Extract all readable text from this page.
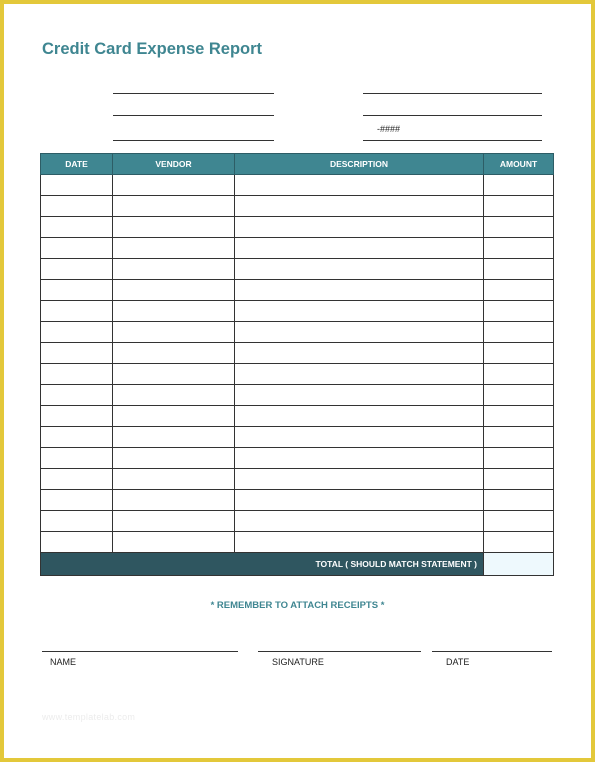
Credit Card Expense Report
-####
DATE	VENDOR	DESCRIPTION	AMOUNT

TOTAL ( SHOULD MATCH STATEMENT )			
* REMEMBER TO ATTACH RECEIPTS *
NAME	SIGNATURE	DATE
www.templatelab.com
